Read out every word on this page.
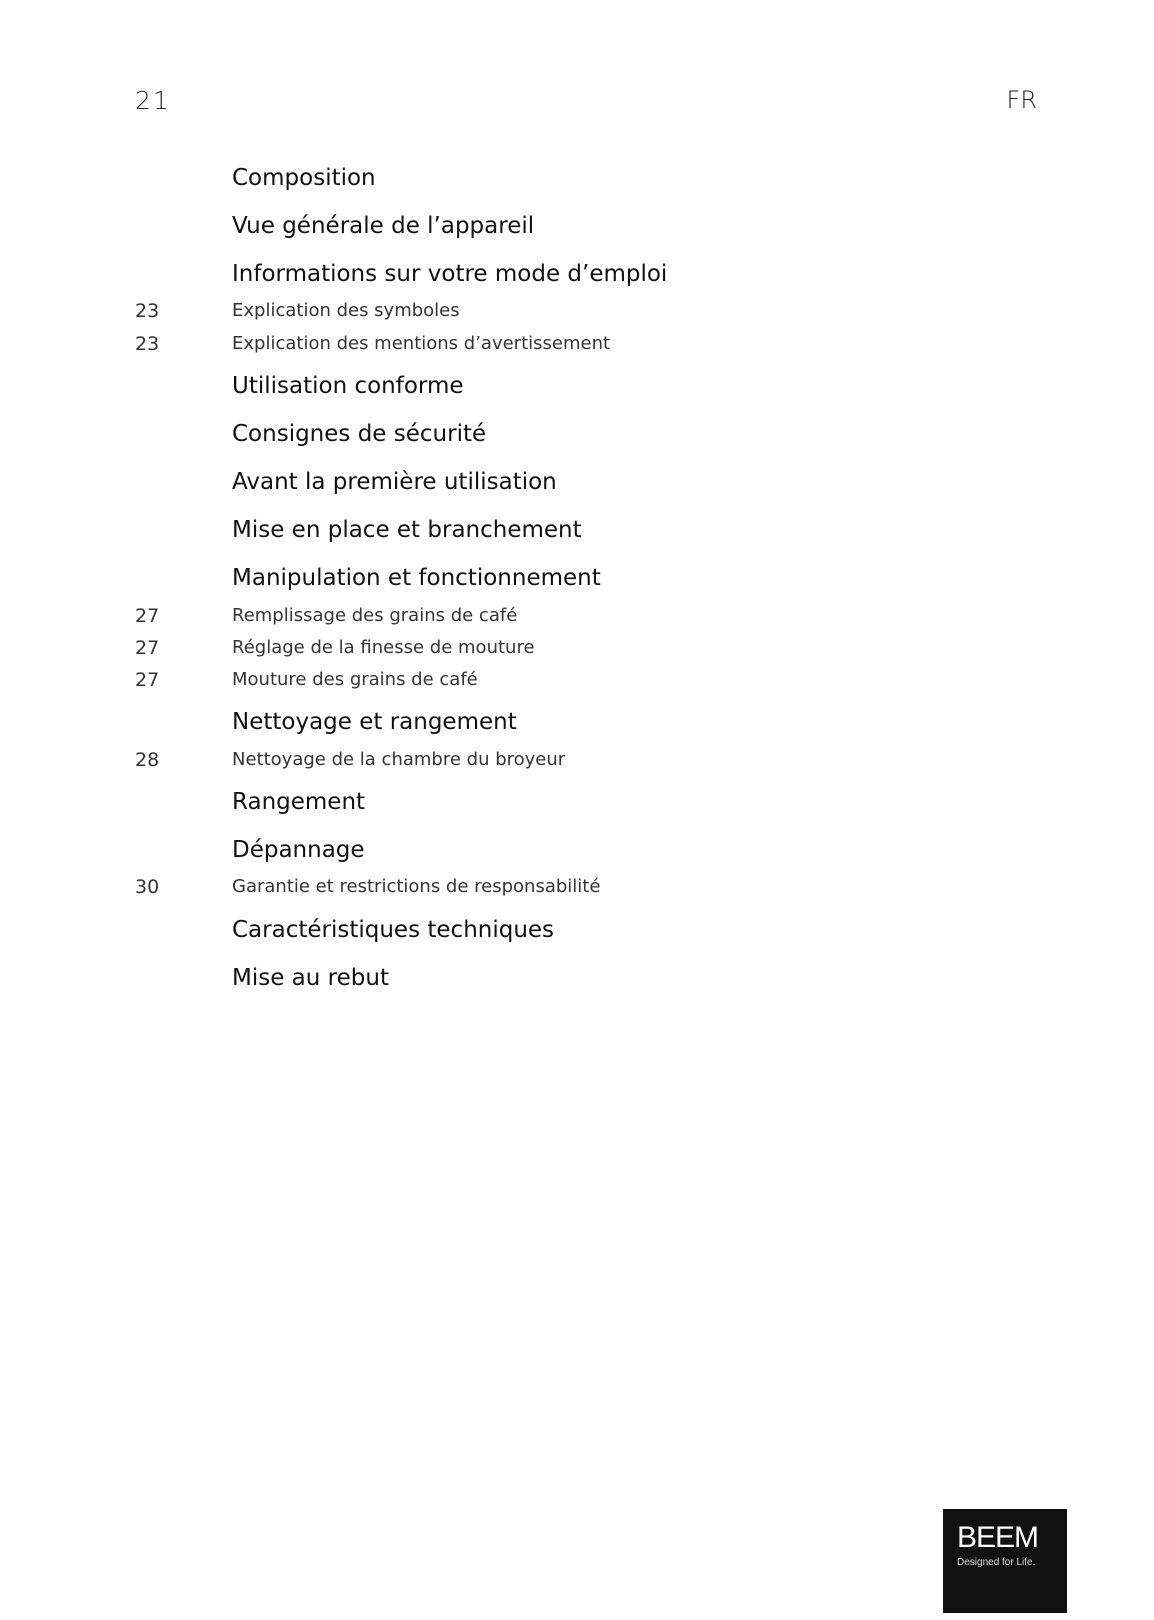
21	FR
Composition
Vue générale de l’appareil
Informations sur votre mode d’emploi
23	Explication des symboles
23	Explication des mentions d’avertissement
Utilisation conforme
Consignes de sécurité
Avant la première utilisation
Mise en place et branchement
Manipulation et fonctionnement
27	Remplissage des grains de café
27	Réglage de la finesse de mouture
27	Mouture des grains de café
Nettoyage et rangement
28	Nettoyage de la chambre du broyeur
Rangement
Dépannage
30	Garantie et restrictions de responsabilité
Caractéristiques techniques
Mise au rebut
BEEM
Designed for Life.
